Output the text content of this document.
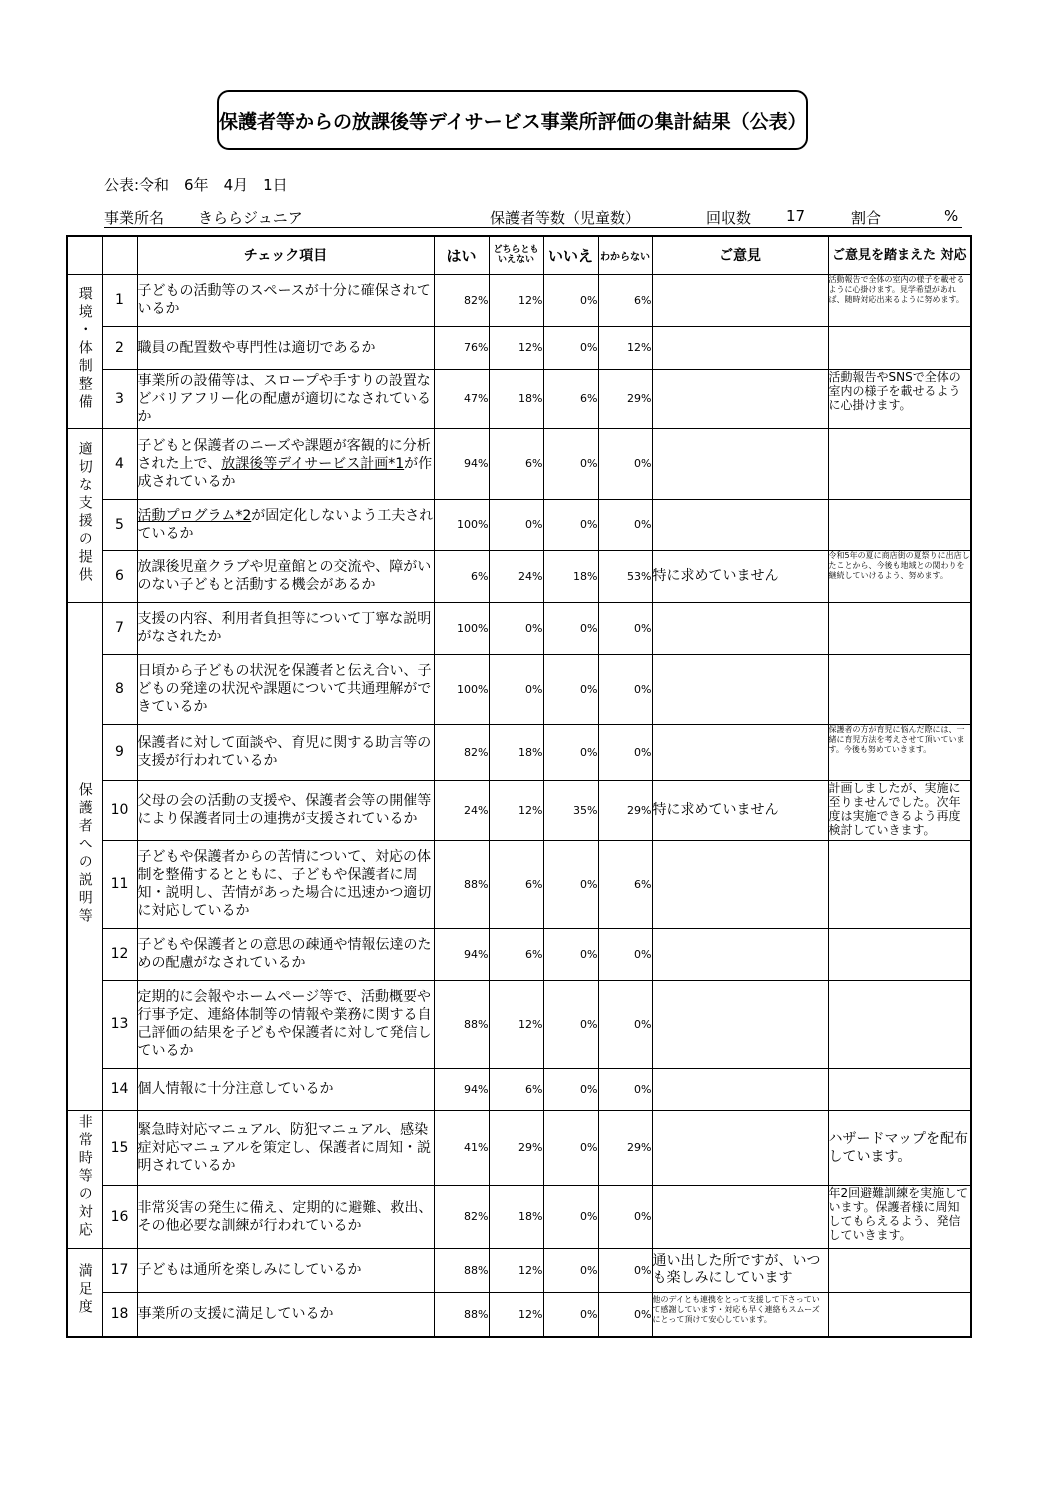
保護者等からの放課後等デイサービス事業所評価の集計結果（公表）
公表:令和　6年　4月　1日
事業所名 きららジュニア	保護者等数（児童数）	回収数 17	割合	%
		チェック項目	はい	どちらとも いえない	いいえ	わからない	ご意見	ご意見を踏まえた 対応
環境・体制整備	1	子どもの活動等のスペースが十分に確保されているか	82%	12%	0%	6%		活動報告で全体の室内の様子を載せるように心掛けます。見学希望があれば、随時対応出来るように努めます。
	2	職員の配置数や専門性は適切であるか	76%	12%	0%	12%		
	3	事業所の設備等は、スロープや手すりの設置などバリアフリー化の配慮が適切になされているか	47%	18%	6%	29%		活動報告やSNSで全体の室内の様子を載せるように心掛けます。
適切な支援の提供	4	子どもと保護者のニーズや課題が客観的に分析された上で、放課後等デイサービス計画*1が作成されているか	94%	6%	0%	0%		
	5	活動プログラム*2が固定化しないよう工夫されているか	100%	0%	0%	0%		
	6	放課後児童クラブや児童館との交流や、障がいのない子どもと活動する機会があるか	6%	24%	18%	53%	特に求めていません	令和5年の夏に商店街の夏祭りに出店したことから、今後も地域との関わりを継続していけるよう、努めます。
保護者への説明等	7	支援の内容、利用者負担等について丁寧な説明がなされたか	100%	0%	0%	0%		
	8	日頃から子どもの状況を保護者と伝え合い、子どもの発達の状況や課題について共通理解ができているか	100%	0%	0%	0%		
	9	保護者に対して面談や、育児に関する助言等の支援が行われているか	82%	18%	0%	0%		保護者の方が育児に悩んだ際には、一緒に育児方法を考えさせて頂いています。今後も努めていきます。
	10	父母の会の活動の支援や、保護者会等の開催等により保護者同士の連携が支援されているか	24%	12%	35%	29%	特に求めていません	計画しましたが、実施に至りませんでした。次年度は実施できるよう再度検討していきます。
	11	子どもや保護者からの苦情について、対応の体制を整備するとともに、子どもや保護者に周知・説明し、苦情があった場合に迅速かつ適切に対応しているか	88%	6%	0%	6%		
	12	子どもや保護者との意思の疎通や情報伝達のための配慮がなされているか	94%	6%	0%	0%		
	13	定期的に会報やホームページ等で、活動概要や行事予定、連絡体制等の情報や業務に関する自己評価の結果を子どもや保護者に対して発信しているか	88%	12%	0%	0%		
	14	個人情報に十分注意しているか	94%	6%	0%	0%		
非常時等の対応	15	緊急時対応マニュアル、防犯マニュアル、感染症対応マニュアルを策定し、保護者に周知・説明されているか	41%	29%	0%	29%		ハザードマップを配布しています。
	16	非常災害の発生に備え、定期的に避難、救出、その他必要な訓練が行われているか	82%	18%	0%	0%		年2回避難訓練を実施しています。保護者様に周知してもらえるよう、発信していきます。
満足度	17	子どもは通所を楽しみにしているか	88%	12%	0%	0%	通い出した所ですが、いつも楽しみにしています	
	18	事業所の支援に満足しているか	88%	12%	0%	0%	他のデイとも連携をとって支援して下さっていて感謝しています・対応も早く連絡もスムーズにとって頂けて安心しています。	
